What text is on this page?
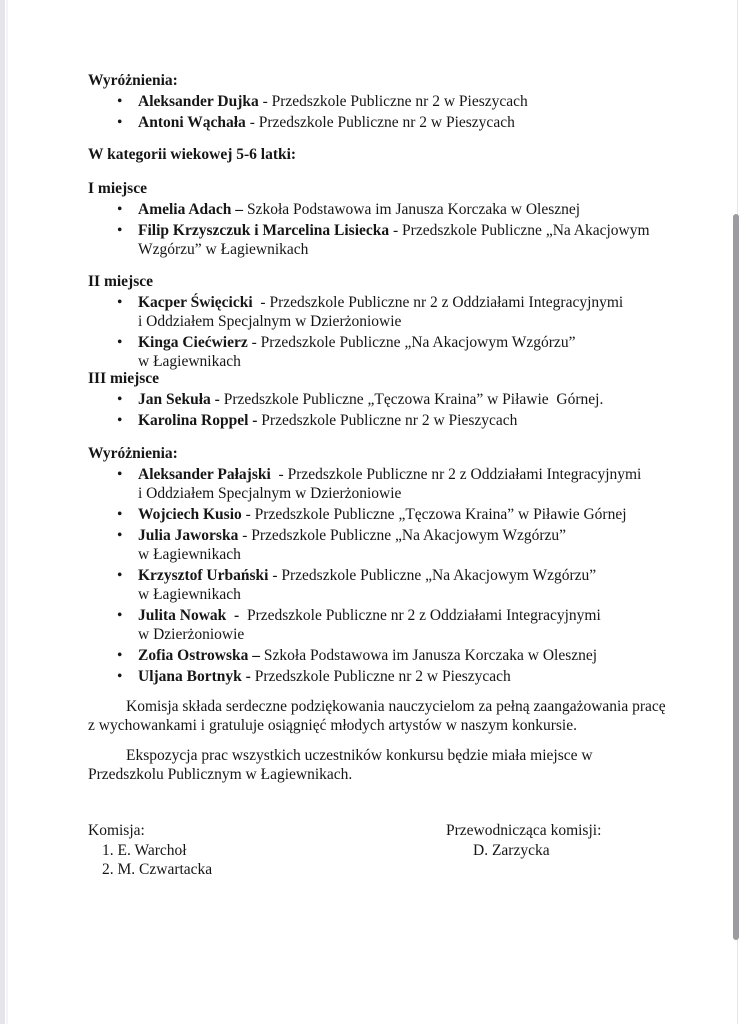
Wyróżnienia:
•
Aleksander Dujka - Przedszkole Publiczne nr 2 w Pieszycach
•
Antoni Wąchała - Przedszkole Publiczne nr 2 w Pieszycach
W kategorii wiekowej 5-6 latki:
I miejsce
•
Amelia Adach – Szkoła Podstawowa im Janusza Korczaka w Olesznej
•
Filip Krzyszczuk i Marcelina Lisiecka - Przedszkole Publiczne „Na Akacjowym
Wzgórzu” w Łagiewnikach
II miejsce
•
Kacper Święcicki  - Przedszkole Publiczne nr 2 z Oddziałami Integracyjnymi
i Oddziałem Specjalnym w Dzierżoniowie
•
Kinga Ciećwierz - Przedszkole Publiczne „Na Akacjowym Wzgórzu”
w Łagiewnikach
III miejsce
•
Jan Sekuła - Przedszkole Publiczne „Tęczowa Kraina” w Piławie  Górnej.
•
Karolina Roppel - Przedszkole Publiczne nr 2 w Pieszycach
Wyróżnienia:
•
Aleksander Pałajski  - Przedszkole Publiczne nr 2 z Oddziałami Integracyjnymi
i Oddziałem Specjalnym w Dzierżoniowie
•
Wojciech Kusio - Przedszkole Publiczne „Tęczowa Kraina” w Piławie Górnej
•
Julia Jaworska - Przedszkole Publiczne „Na Akacjowym Wzgórzu”
w Łagiewnikach
•
Krzysztof Urbański - Przedszkole Publiczne „Na Akacjowym Wzgórzu”
w Łagiewnikach
•
Julita Nowak  -  Przedszkole Publiczne nr 2 z Oddziałami Integracyjnymi
w Dzierżoniowie
•
Zofia Ostrowska – Szkoła Podstawowa im Janusza Korczaka w Olesznej
•
Uljana Bortnyk - Przedszkole Publiczne nr 2 w Pieszycach
Komisja składa serdeczne podziękowania nauczycielom za pełną zaangażowania pracę z wychowankami i gratuluje osiągnięć młodych artystów w naszym konkursie.
Ekspozycja prac wszystkich uczestników konkursu będzie miała miejsce w Przedszkolu Publicznym w Łagiewnikach.
Komisja:
1. E. Warchoł
2. M. Czwartacka
Przewodnicząca komisji:
D. Zarzycka
